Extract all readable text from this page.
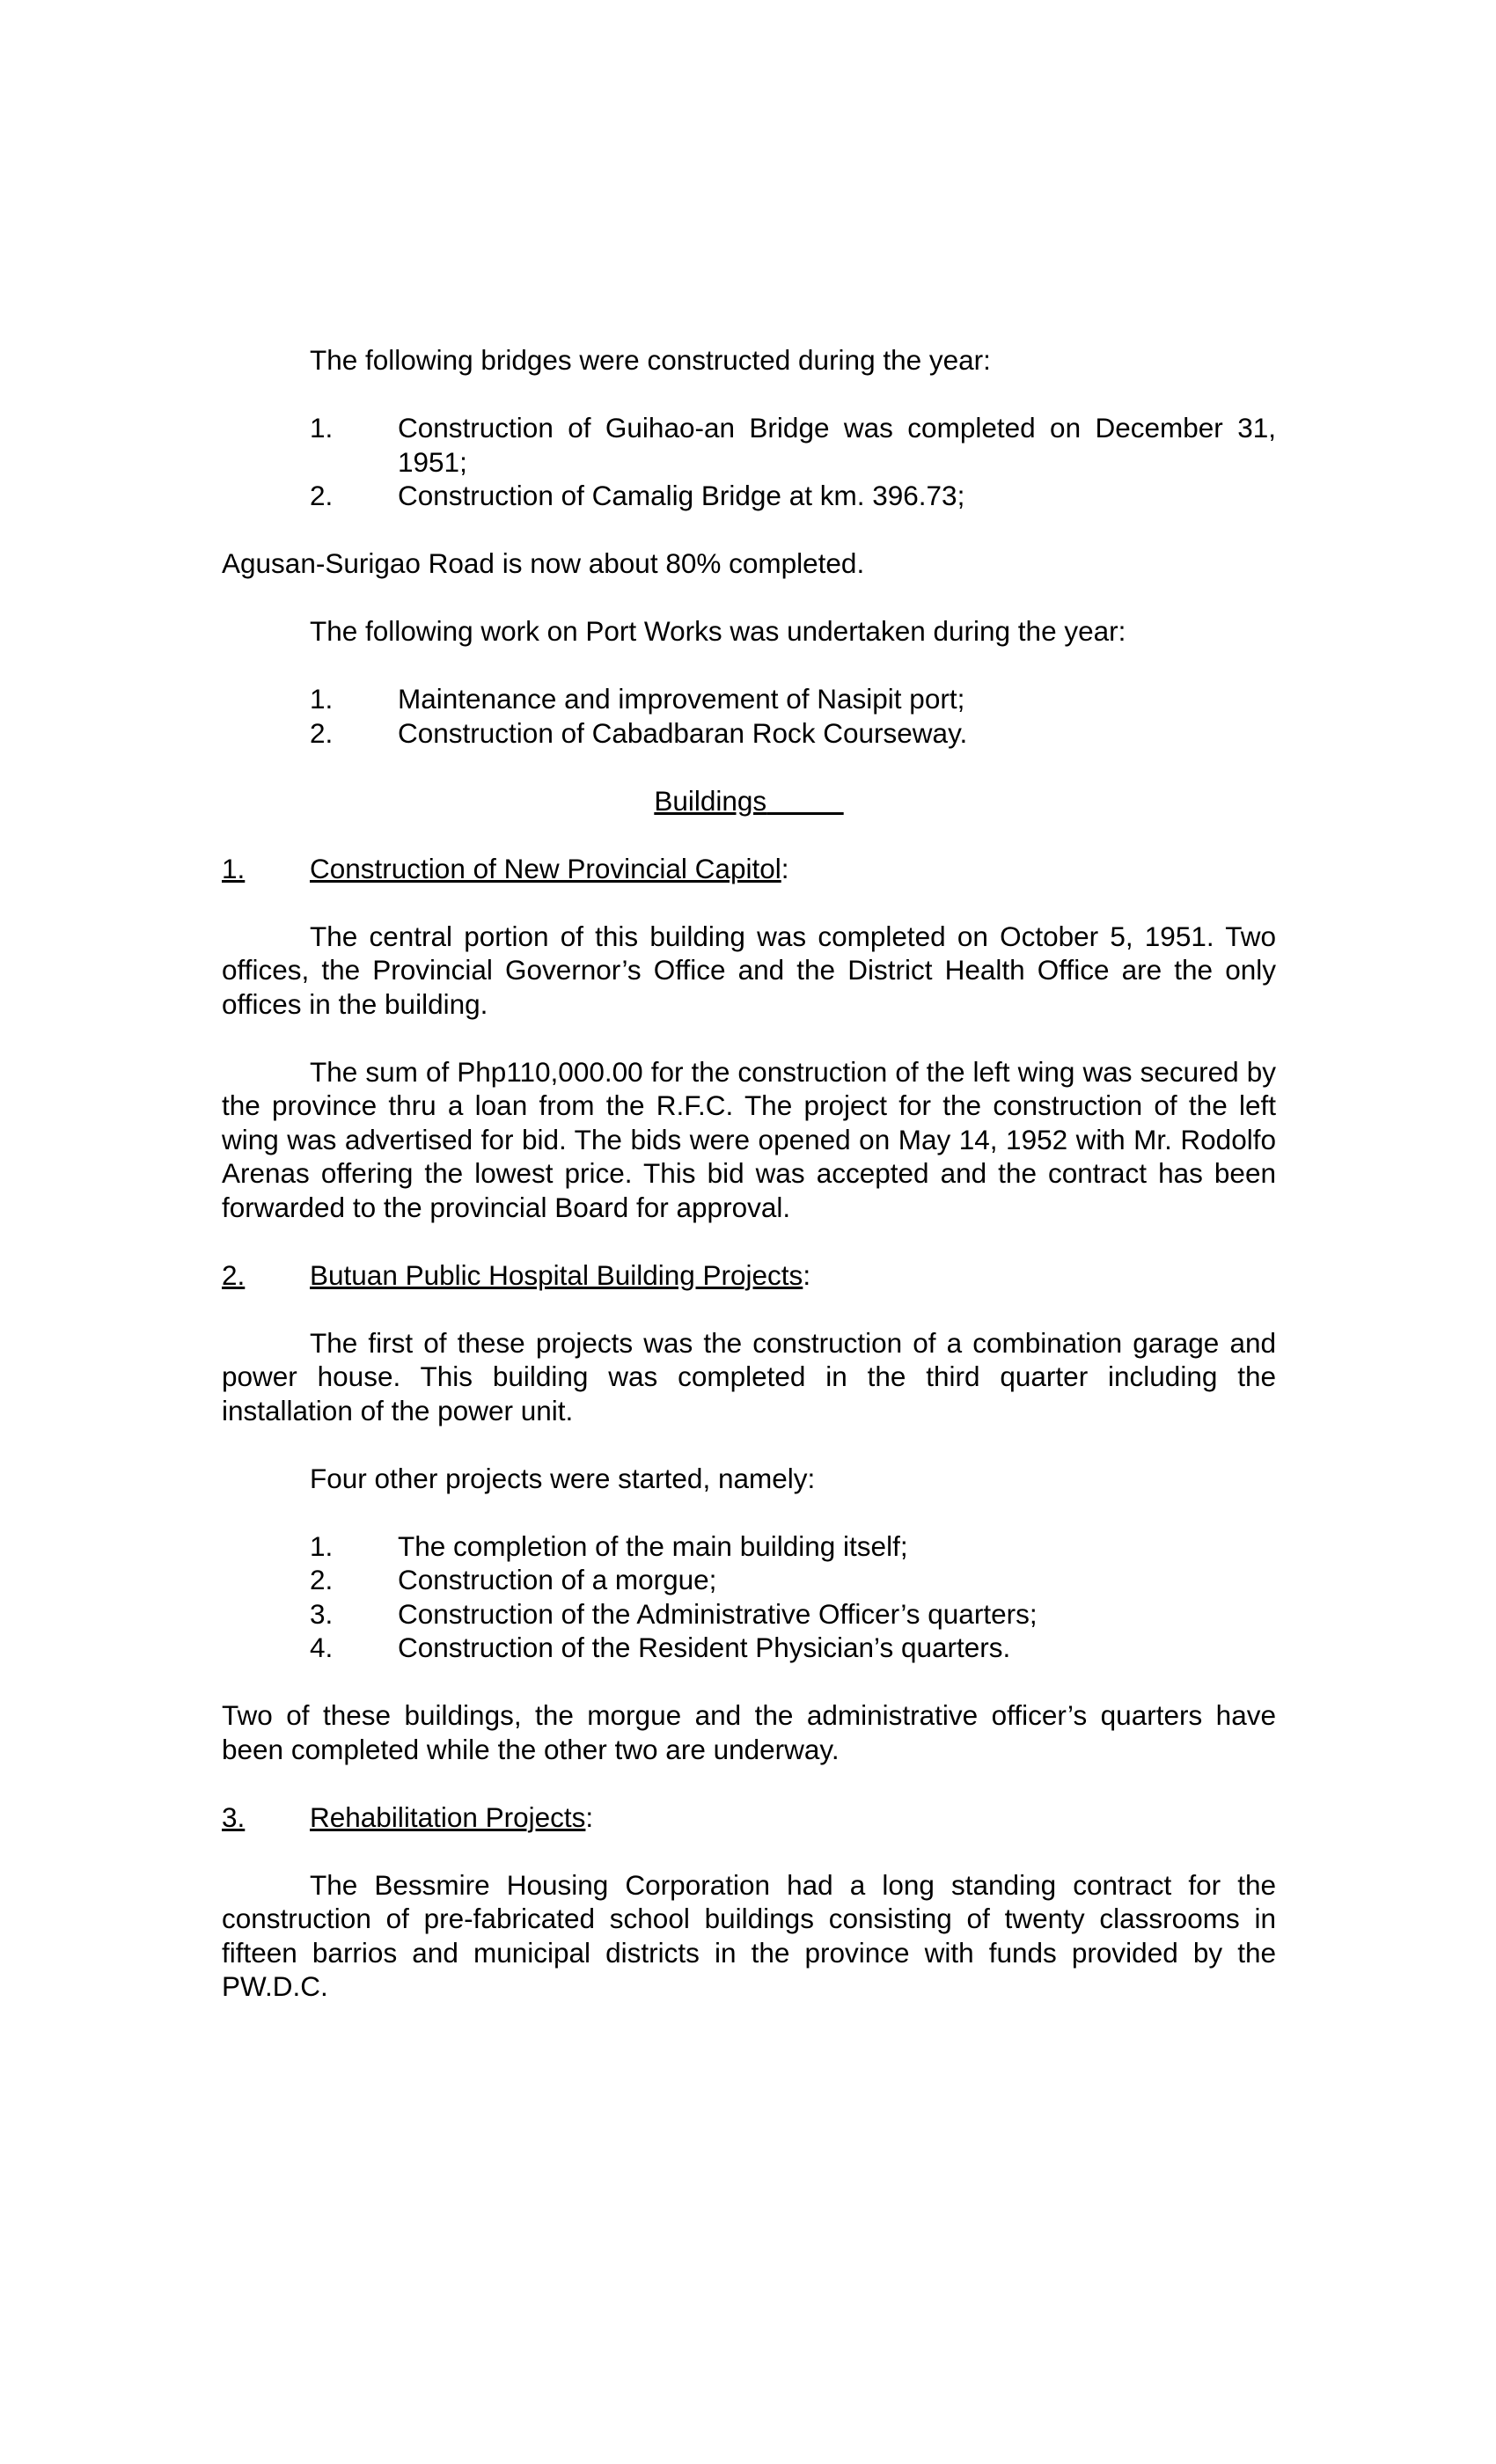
The following bridges were constructed during the year:

1.	Construction of Guihao-an Bridge was completed on December 31, 1951;
2.	Construction of Camalig Bridge at km. 396.73;

Agusan-Surigao Road is now about 80% completed.

The following work on Port Works was undertaken during the year:

1.	Maintenance and improvement of Nasipit port;
2.	Construction of Cabadbaran Rock Courseway.
Buildings
1. Construction of New Provincial Capitol:

The central portion of this building was completed on October 5, 1951. Two offices, the Provincial Governor’s Office and the District Health Office are the only offices in the building.

The sum of Php110,000.00 for the construction of the left wing was secured by the province thru a loan from the R.F.C. The project for the construction of the left wing was advertised for bid. The bids were opened on May 14, 1952 with Mr. Rodolfo Arenas offering the lowest price. This bid was accepted and the contract has been forwarded to the provincial Board for approval.

2. Butuan Public Hospital Building Projects:

The first of these projects was the construction of a combination garage and power house. This building was completed in the third quarter including the installation of the power unit.

Four other projects were started, namely:

1.	The completion of the main building itself;
2.	Construction of a morgue;
3.	Construction of the Administrative Officer’s quarters;
4.	Construction of the Resident Physician’s quarters.

Two of these buildings, the morgue and the administrative officer’s quarters have been completed while the other two are underway.

3. Rehabilitation Projects:

The Bessmire Housing Corporation had a long standing contract for the construction of pre-fabricated school buildings consisting of twenty classrooms in fifteen barrios and municipal districts in the province with funds provided by the PW.D.C.
